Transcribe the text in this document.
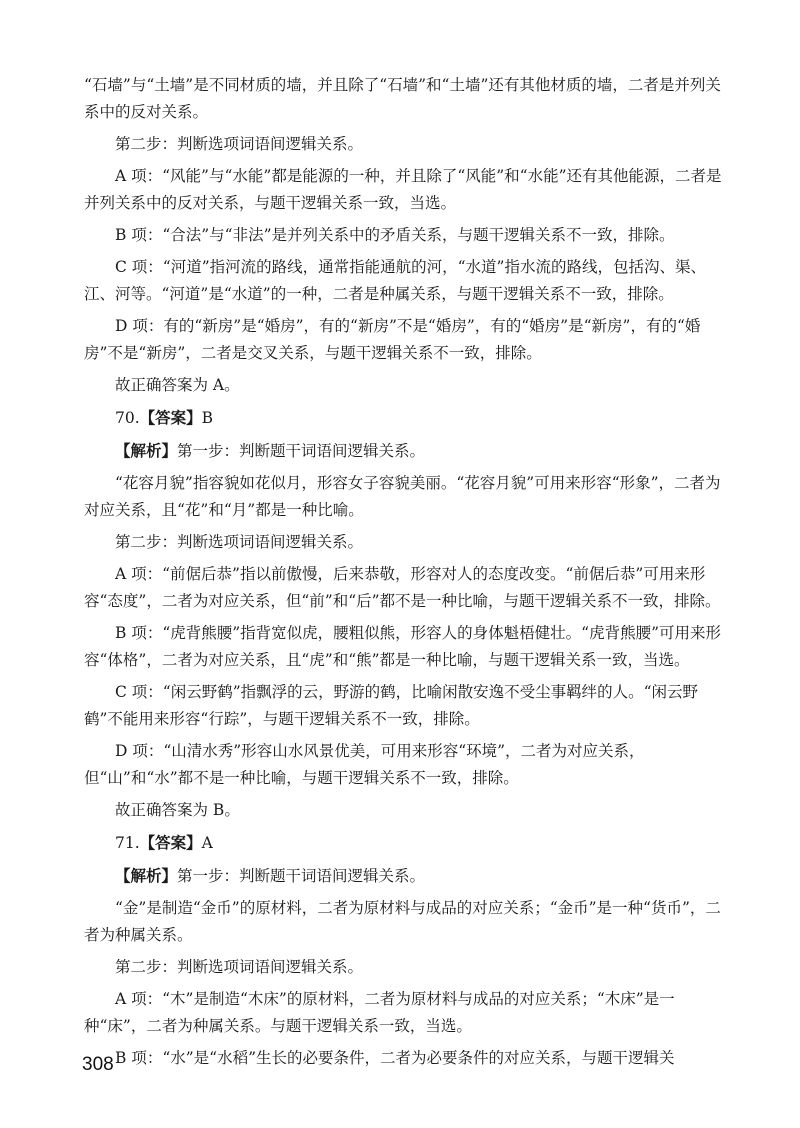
“石墙”与“土墙”是不同材质的墙，并且除了“石墙”和“土墙”还有其他材质的墙，二者是并列关系中的反对关系。

第二步：判断选项词语间逻辑关系。

A 项：“风能”与“水能”都是能源的一种，并且除了“风能”和“水能”还有其他能源，二者是并列关系中的反对关系，与题干逻辑关系一致，当选。

B 项：“合法”与“非法”是并列关系中的矛盾关系，与题干逻辑关系不一致，排除。

C 项：“河道”指河流的路线，通常指能通航的河，“水道”指水流的路线，包括沟、渠、江、河等。“河道”是“水道”的一种，二者是种属关系，与题干逻辑关系不一致，排除。

D 项：有的“新房”是“婚房”，有的“新房”不是“婚房”，有的“婚房”是“新房”，有的“婚房”不是“新房”，二者是交叉关系，与题干逻辑关系不一致，排除。

故正确答案为 A。

70.【答案】B

【解析】第一步：判断题干词语间逻辑关系。

“花容月貌”指容貌如花似月，形容女子容貌美丽。“花容月貌”可用来形容“形象”，二者为对应关系，且“花”和“月”都是一种比喻。

第二步：判断选项词语间逻辑关系。

A 项：“前倨后恭”指以前傲慢，后来恭敬，形容对人的态度改变。“前倨后恭”可用来形容“态度”，二者为对应关系，但“前”和“后”都不是一种比喻，与题干逻辑关系不一致，排除。

B 项：“虎背熊腰”指背宽似虎，腰粗似熊，形容人的身体魁梧健壮。“虎背熊腰”可用来形容“体格”，二者为对应关系，且“虎”和“熊”都是一种比喻，与题干逻辑关系一致，当选。

C 项：“闲云野鹤”指飘浮的云，野游的鹤，比喻闲散安逸不受尘事羁绊的人。“闲云野鹤”不能用来形容“行踪”，与题干逻辑关系不一致，排除。

D 项：“山清水秀”形容山水风景优美，可用来形容“环境”，二者为对应关系，但“山”和“水”都不是一种比喻，与题干逻辑关系不一致，排除。

故正确答案为 B。

71.【答案】A

【解析】第一步：判断题干词语间逻辑关系。

“金”是制造“金币”的原材料，二者为原材料与成品的对应关系；“金币”是一种“货币”，二者为种属关系。

第二步：判断选项词语间逻辑关系。

A 项：“木”是制造“木床”的原材料，二者为原材料与成品的对应关系；“木床”是一种“床”，二者为种属关系。与题干逻辑关系一致，当选。

B 项：“水”是“水稻”生长的必要条件，二者为必要条件的对应关系，与题干逻辑关

308
